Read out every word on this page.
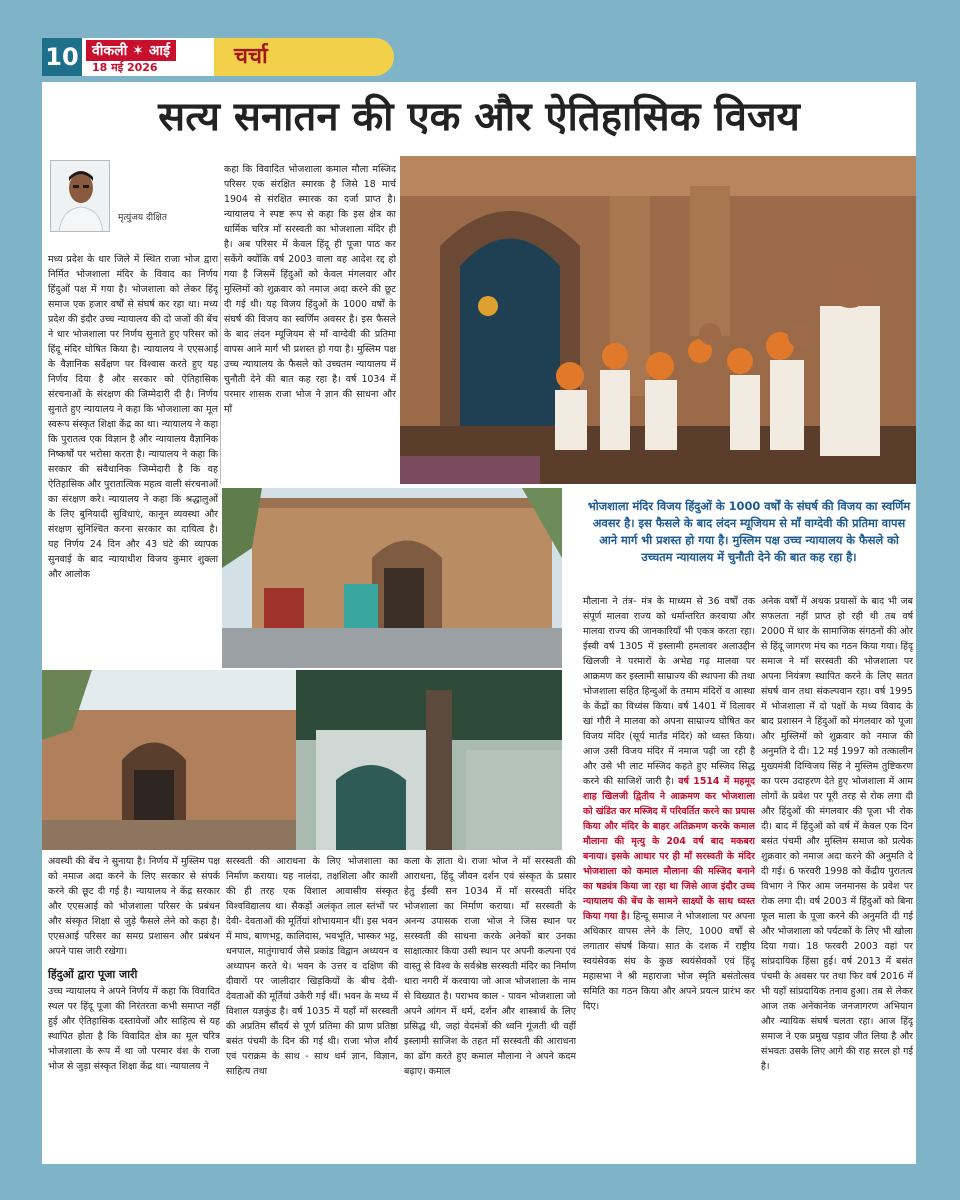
10 वीकली ✶ आई
18 मई 2026	चर्चा
सत्य सनातन की एक और ऐतिहासिक विजय
मृत्युंजय दीक्षित
मध्य प्रदेश के धार जिले में स्थित राजा भोज द्वारा निर्मित भोजशाला मंदिर के विवाद का निर्णय हिंदुओं पक्ष में गया है। भोजशाला को लेकर हिंदू समाज एक हजार वर्षों से संघर्ष कर रहा था। मध्य प्रदेश की इंदौर उच्च न्यायालय की दो जजों की बेंच ने धार भोजशाला पर निर्णय सुनाते हुए परिसर को हिंदू मंदिर घोषित किया है। न्यायालय ने एएसआई के वैज्ञानिक सर्वेक्षण पर विश्वास करते हुए यह निर्णय दिया है और सरकार को ऐतिहासिक संरचनाओं के संरक्षण की जिम्मेदारी दी है। निर्णय सुनाते हुए न्यायालय ने कहा कि भोजशाला का मूल स्वरूप संस्कृत शिक्षा केंद्र का था। न्यायालय ने कहा कि पुरातत्व एक विज्ञान है और न्यायालय वैज्ञानिक निष्कर्षों पर भरोसा करता है। न्यायालय ने कहा कि सरकार की संवैधानिक जिम्मेदारी है कि वह ऐतिहासिक और पुरातात्विक महत्व वाली संरचनाओं का संरक्षण करे। न्यायालय ने कहा कि श्रद्धालुओं के लिए बुनियादी सुविधाएं, कानून व्यवस्था और संरक्षण सुनिश्चित करना सरकार का दायित्व है। यह निर्णय 24 दिन और 43 घंटे की व्यापक सुनवाई के बाद न्यायाधीश विजय कुमार शुक्ला और आलोक
कहा कि विवादित भोजशाला कमाल मौला मस्जिद परिसर एक संरक्षित स्मारक है जिसे 18 मार्च 1904 से संरक्षित स्मारक का दर्जा प्राप्त है। न्यायालय ने स्पष्ट रूप से कहा कि इस क्षेत्र का धार्मिक चरित्र माँ सरस्वती का भोजशाला मंदिर ही है। अब परिसर में केवल हिंदू ही पूजा पाठ कर सकेंगे क्योंकि वर्ष 2003 वाला वह आदेश रद्द हो गया है जिसमें हिंदुओं को केवल मंगलवार और मुस्लिमों को शुक्रवार को नमाज अदा करने की छूट दी गई थी। यह विजय हिंदुओं के 1000 वर्षों के संघर्ष की विजय का स्वर्णिम अवसर है। इस फैसले के बाद लंदन म्यूजियम से माँ वाग्देवी की प्रतिमा वापस आने मार्ग भी प्रशस्त हो गया है। मुस्लिम पक्ष उच्च न्यायालय के फैसले को उच्चतम न्यायालय में चुनौती देने की बात कह रहा है। वर्ष 1034 में परमार शासक राजा भोज ने ज्ञान की साधना और माँ
भोजशाला मंदिर विजय हिंदुओं के 1000 वर्षों के संघर्ष की विजय का स्वर्णिम अवसर है। इस फैसले के बाद लंदन म्यूजियम से माँ वाग्देवी की प्रतिमा वापस आने मार्ग भी प्रशस्त हो गया है। मुस्लिम पक्ष उच्च न्यायालय के फैसले को उच्चतम न्यायालय में चुनौती देने की बात कह रहा है।
अवस्थी की बेंच ने सुनाया है। निर्णय में मुस्लिम पक्ष को नमाज अदा करने के लिए सरकार से संपर्क करने की छूट दी गई है। न्यायालय ने केंद्र सरकार और एएसआई को भोजशाला परिसर के प्रबंधन और संस्कृत शिक्षा से जुड़े फैसले लेने को कहा है। एएसआई परिसर का समग्र प्रशासन और प्रबंधन अपने पास जारी रखेगा।
हिंदुओं द्वारा पूजा जारी
उच्च न्यायालय ने अपने निर्णय में कहा कि विवादित स्थल पर हिंदू पूजा की निरंतरता कभी समाप्त नहीं हुई और ऐतिहासिक दस्तावेजों और साहित्य से यह स्थापित होता है कि विवादित क्षेत्र का मूल चरित्र भोजशाला के रूप में था जो परमार वंश के राजा भोज से जुड़ा संस्कृत शिक्षा केंद्र था। न्यायालय ने
सरस्वती की आराधना के लिए भोजशाला का निर्माण कराया। यह नालंदा, तक्षशिला और काशी की ही तरह एक विशाल आवासीय संस्कृत विश्वविद्यालय था। सैकड़ों अलंकृत लाल स्तंभों पर देवी- देवताओं की मूर्तियां शोभायमान थीं। इस भवन में माघ, बाणभट्ट, कालिदास, भवभूति, भास्कर भट्ट, धनपाल, मातुंगाचार्य जैसे प्रकांड विद्वान अध्ययन व अध्यापन करते थे। भवन के उत्तर व दक्षिण की दीवारों पर जालीदार खिड़कियों के बीच देवी- देवताओं की मूर्तियां उकेरी गई थीं। भवन के मध्य में विशाल यज्ञकुंड है। वर्ष 1035 में यहाँ माँ सरस्वती की अप्रतिम सौंदर्य से पूर्ण प्रतिमा की प्राण प्रतिष्ठा बसंत पंचमी के दिन की गई थी। राजा भोज शौर्य एवं पराक्रम के साथ - साथ धर्म ज्ञान, विज्ञान, साहित्य तथा
कला के ज्ञाता थे। राजा भोज ने माँ सरस्वती की आराधना, हिंदू जीवन दर्शन एवं संस्कृत के प्रसार हेतु ईस्वी सन 1034 में माँ सरस्वती मंदिर भोजशाला का निर्माण कराया। माँ सरस्वती के अनन्य उपासक राजा भोज ने जिस स्थान पर सरस्वती की साधना करके अनेकों बार उनका साक्षात्कार किया उसी स्थान पर अपनी कल्पना एवं वास्तु से विश्व के सर्वश्रेष्ठ सरस्वती मंदिर का निर्माण धारा नगरी में करवाया जो आज भोजशाला के नाम से विख्यात है। पराभव काल - पावन भोजशाला जो अपने आंगन में धर्म, दर्शन और शास्त्रार्थ के लिए प्रसिद्ध थी, जहां वेदमंत्रों की ध्वनि गूंजती थी वहीं इस्लामी साजिश के तहत माँ सरस्वती की आराधना का ढोंग करते हुए कमाल मौलाना ने अपने कदम बढ़ाए। कमाल
मौलाना ने तंत्र- मंत्र के माध्यम से 36 वर्षों तक संपूर्ण मालवा राज्य को धर्मान्तरित करवाया और मालवा राज्य की जानकारियाँ भी एकत्र करता रहा। ईस्वी वर्ष 1305 में इस्लामी हमलावर अलाउद्दीन खिलजी ने परमारों के अभेद्य गढ़ मालवा पर आक्रमण कर इस्लामी साम्राज्य की स्थापना की तथा भोजशाला सहित हिन्दुओं के तमाम मंदिरों व आस्था के केंद्रों का विध्वंस किया। वर्ष 1401 में दिलावर खां गौरी ने मालवा को अपना साम्राज्य घोषित कर विजय मंदिर (सूर्य मार्तंड मंदिर) को ध्वस्त किया। आज उसी विजय मंदिर में नमाज पढ़ी जा रही है और उसे भी लाट मस्जिद कहते हुए मस्जिद सिद्ध करने की साजिशें जारी है। वर्ष 1514 में महमूद शाह खिलजी द्वितीय ने आक्रमण कर भोजशाला को खंडित कर मस्जिद में परिवर्तित करने का प्रयास किया और मंदिर के बाहर अतिक्रमण करके कमाल मौलाना की मृत्यु के 204 वर्ष बाद मकबरा बनाया। इसके आधार पर ही माँ सरस्वती के मंदिर भोजशाला को कमाल मौलाना की मस्जिद बनाने का षड्यंत्र किया जा रहा था जिसे आज इंदौर उच्च न्यायालय की बेंच के सामने साक्ष्यों के साथ ध्वस्त किया गया है। हिन्दू समाज ने भोजशाला पर अपना अधिकार वापस लेने के लिए, 1000 वर्षों से लगातार संघर्ष किया। सात के दशक में राष्ट्रीय स्वयंसेवक संघ के कुछ स्वयंसेवकों एवं हिंदू महासभा ने श्री महाराजा भोज स्मृति बसंतोत्सव समिति का गठन किया और अपने प्रयत्न प्रारंभ कर दिए।
अनेक वर्षों में अथक प्रयासों के बाद भी जब सफलता नहीं प्राप्त हो रही थी तब वर्ष 2000 में धार के सामाजिक संगठनों की ओर से हिंदू जागरण मंच का गठन किया गया। हिंदू समाज ने माँ सरस्वती की भोजशाला पर अपना नियंत्रण स्थापित करने के लिए सतत संघर्ष वान तथा संकल्पवान रहा। वर्ष 1995 में भोजशाला में दो पक्षों के मध्य विवाद के बाद प्रशासन ने हिंदुओं को मंगलवार को पूजा और मुस्लिमों को शुक्रवार को नमाज की अनुमति दे दी। 12 मई 1997 को तत्कालीन मुख्यमंत्री दिग्विजय सिंह ने मुस्लिम तुष्टिकरण का परम उदाहरण देते हुए भोजशाला में आम लोगों के प्रवेश पर पूरी तरह से रोक लगा दी और हिंदुओं की मंगलवार की पूजा भी रोक दी। बाद में हिंदुओं को वर्ष में केवल एक दिन बसंत पंचमी और मुस्लिम समाज को प्रत्येक शुक्रवार को नमाज अदा करने की अनुमति दे दी गई। 6 फरवरी 1998 को केंद्रीय पुरातत्व विभाग ने फिर आम जनमानस के प्रवेश पर रोक लगा दी। वर्ष 2003 में हिंदुओं को बिना फूल माला के पूजा करने की अनुमति दी गई और भोजशाला को पर्यटकों के लिए भी खोला दिया गया। 18 फरवरी 2003 वहां पर सांप्रदायिक हिंसा हुई। वर्ष 2013 में बसंत पंचमी के अवसर पर तथा फिर वर्ष 2016 में भी यहाँ सांप्रदायिक तनाव हुआ। तब से लेकर आज तक अनेकानेक जनजागरण अभियान और न्यायिक संघर्ष चलता रहा। आज हिंदू समाज ने एक प्रमुख पड़ाव जीत लिया है और संभवतः उसके लिए आगे की राह सरल हो गई है।
